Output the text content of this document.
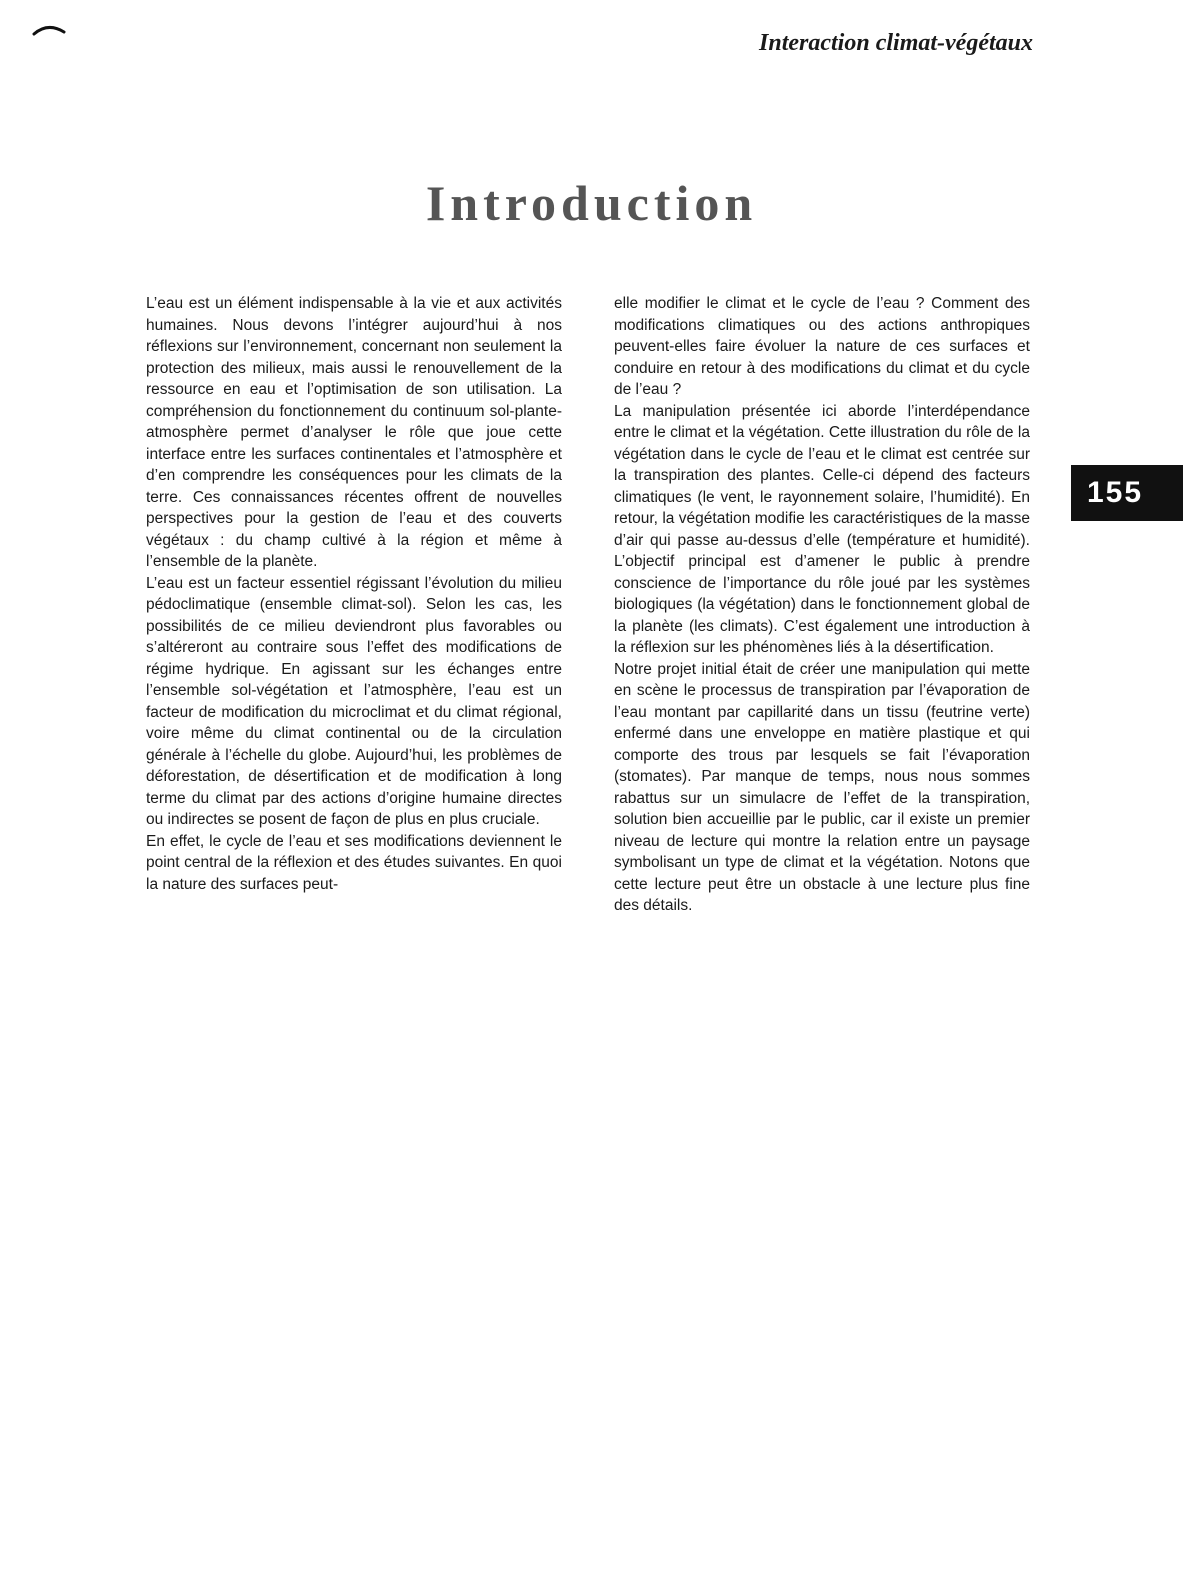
Interaction climat-végétaux
Introduction
155

L’eau est un élément indispensable à la vie et aux activités humaines. Nous devons l’intégrer aujourd’hui à nos réflexions sur l’environnement, concernant non seulement la protection des milieux, mais aussi le renouvellement de la ressource en eau et l’optimisation de son utilisation. La compréhension du fonctionnement du continuum sol-plante-atmosphère permet d’analyser le rôle que joue cette interface entre les surfaces continentales et l’atmosphère et d’en comprendre les conséquences pour les climats de la terre. Ces connaissances récentes offrent de nouvelles perspectives pour la gestion de l’eau et des couverts végétaux : du champ cultivé à la région et même à l’ensemble de la planète.

L’eau est un facteur essentiel régissant l’évolution du milieu pédoclimatique (ensemble climat-sol). Selon les cas, les possibilités de ce milieu deviendront plus favorables ou s’altéreront au contraire sous l’effet des modifications de régime hydrique. En agissant sur les échanges entre l’ensemble sol-végétation et l’atmosphère, l’eau est un facteur de modification du microclimat et du climat régional, voire même du climat continental ou de la circulation générale à l’échelle du globe. Aujourd’hui, les problèmes de déforestation, de désertification et de modification à long terme du climat par des actions d’origine humaine directes ou indirectes se posent de façon de plus en plus cruciale.

En effet, le cycle de l’eau et ses modifications deviennent le point central de la réflexion et des études suivantes. En quoi la nature des surfaces peut-

elle modifier le climat et le cycle de l’eau ? Comment des modifications climatiques ou des actions anthropiques peuvent-elles faire évoluer la nature de ces surfaces et conduire en retour à des modifications du climat et du cycle de l’eau ?

La manipulation présentée ici aborde l’interdépendance entre le climat et la végétation. Cette illustration du rôle de la végétation dans le cycle de l’eau et le climat est centrée sur la transpiration des plantes. Celle-ci dépend des facteurs climatiques (le vent, le rayonnement solaire, l’humidité). En retour, la végétation modifie les caractéristiques de la masse d’air qui passe au-dessus d’elle (température et humidité). L’objectif principal est d’amener le public à prendre conscience de l’importance du rôle joué par les systèmes biologiques (la végétation) dans le fonctionnement global de la planète (les climats). C’est également une introduction à la réflexion sur les phénomènes liés à la désertification.

Notre projet initial était de créer une manipulation qui mette en scène le processus de transpiration par l’évaporation de l’eau montant par capillarité dans un tissu (feutrine verte) enfermé dans une enveloppe en matière plastique et qui comporte des trous par lesquels se fait l’évaporation (stomates). Par manque de temps, nous nous sommes rabattus sur un simulacre de l’effet de la transpiration, solution bien accueillie par le public, car il existe un premier niveau de lecture qui montre la relation entre un paysage symbolisant un type de climat et la végétation. Notons que cette lecture peut être un obstacle à une lecture plus fine des détails.
